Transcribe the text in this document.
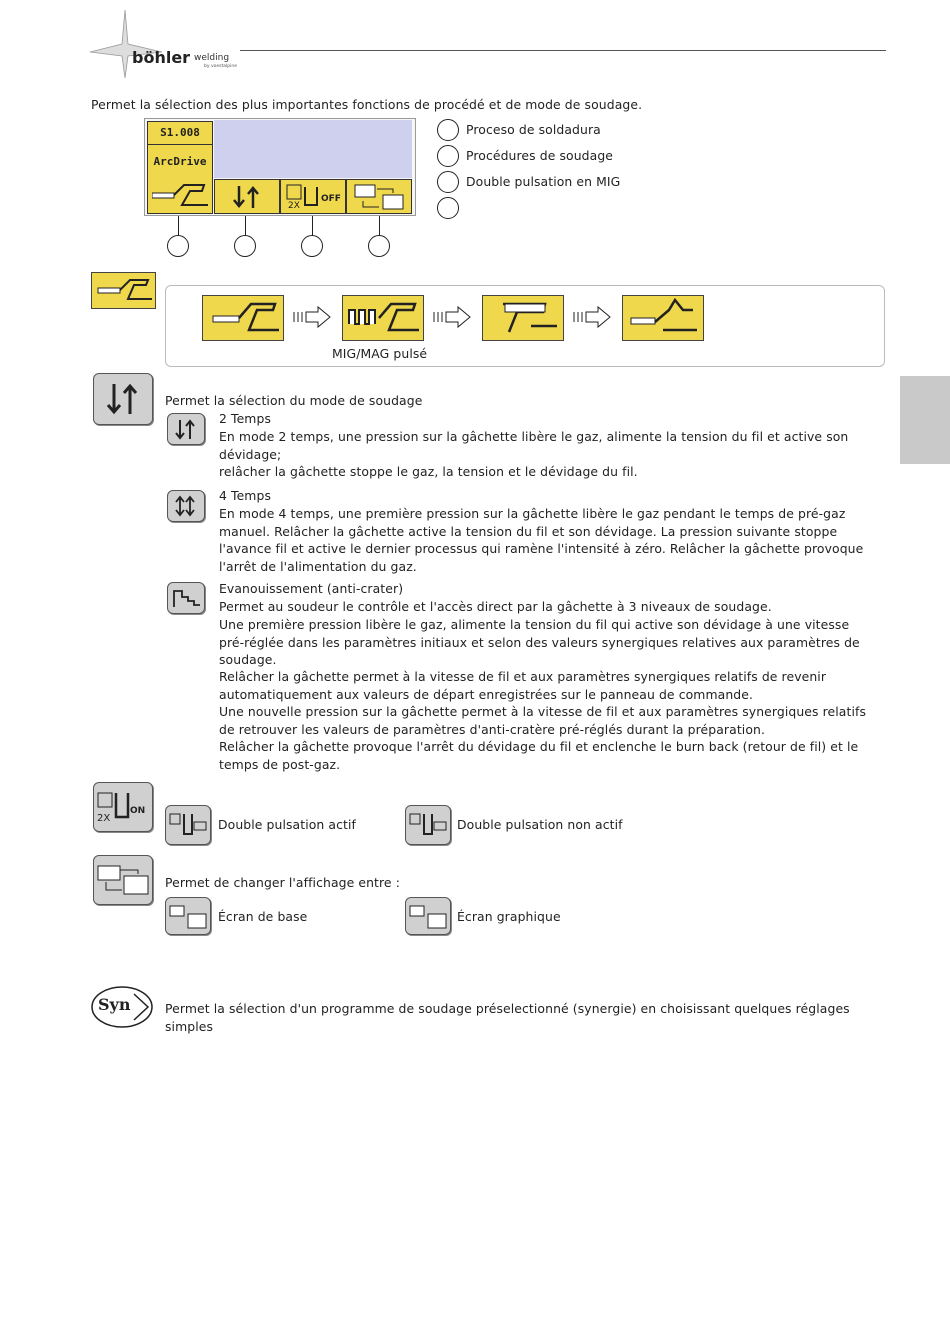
böhler welding
by voestalpine
Permet la sélection des plus importantes fonctions de procédé et de mode de soudage.
S1.008
ArcDrive
2X
OFF
Proceso de soldadura
Procédures de soudage
Double pulsation en MIG
MIG/MAG pulsé
Permet la sélection du mode de soudage
2 Temps
En mode 2 temps, une pression sur la gâchette libère le gaz, alimente la tension du fil et active son dévidage;
relâcher la gâchette stoppe le gaz, la tension et le dévidage du fil.
4 Temps
En mode 4 temps, une première pression sur la gâchette libère le gaz pendant le temps de pré-gaz manuel. Relâcher la gâchette active la tension du fil et son dévidage. La pression suivante stoppe l'avance fil et active le dernier processus qui ramène l'intensité à zéro. Relâcher la gâchette provoque l'arrêt de l'alimentation du gaz.
Evanouissement (anti-crater)
Permet au soudeur le contrôle et l'accès direct par la gâchette à 3 niveaux de soudage.
Une première pression libère le gaz, alimente la tension du fil qui active son dévidage à une vitesse pré-réglée dans les paramètres initiaux et selon des valeurs synergiques relatives aux paramètres de soudage.
Relâcher la gâchette permet à la vitesse de fil et aux paramètres synergiques relatifs de revenir automatiquement aux valeurs de départ enregistrées sur le panneau de commande.
Une nouvelle pression sur la gâchette permet à la vitesse de fil et aux paramètres synergiques relatifs de retrouver les valeurs de paramètres d'anti-cratère pré-réglés durant la préparation.
Relâcher la gâchette provoque l'arrêt du dévidage du fil et enclenche le burn back (retour de fil) et le temps de post-gaz.
2X
ON
Double pulsation actif	Double pulsation non actif
Permet de changer l'affichage entre :
Écran de base	Écran graphique
Syn	Permet la sélection d'un programme de soudage préselectionné (synergie) en choisissant quelques réglages simples
